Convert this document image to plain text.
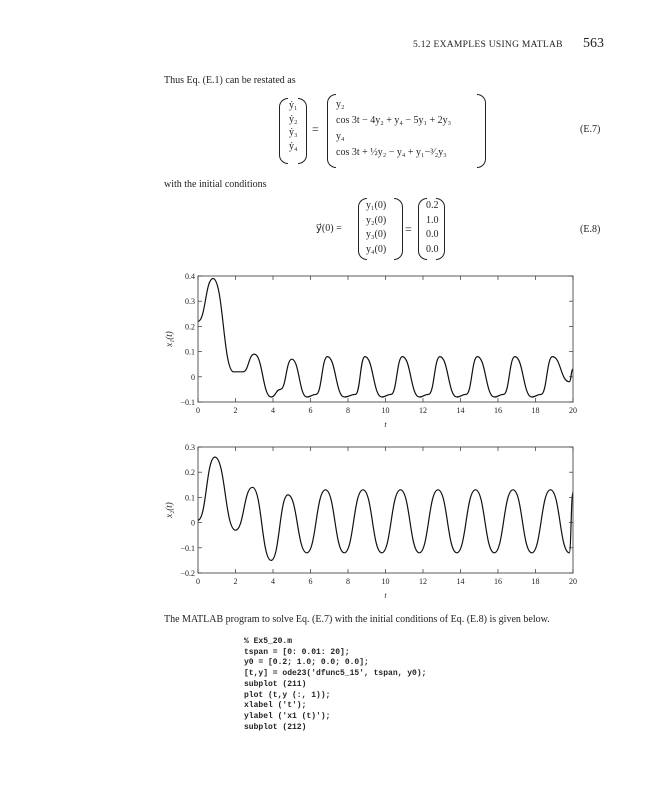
5.12 EXAMPLES USING MATLAB 563
Thus Eq. (E.1) can be restated as
ẏ₁
ẏ₂
ẏ₃
ẏ₄
=
y₂
cos 3t − 4y₂ + y₄ − 5y₁ + 2y₃
y₄
cos 3t + ½y₂ − y₄ + y₁−³⁄₂y₃
(E.7)
with the initial conditions
y⃗(0) =
y₁(0)
y₂(0)
y₃(0)
y₄(0)
=
0.2
1.0
0.0
0.0
(E.8)
0	2	4	6	8	10	12	14	16	18	20
−0.1
0
0.1
0.2
0.3
0.4
t
x₁(t)
0	2	4	6	8	10	12	14	16	18	20
−0.2
−0.1
0
0.1
0.2
0.3
t
x₂(t)
The MATLAB program to solve Eq. (E.7) with the initial conditions of Eq. (E.8) is given below.
% Ex5_20.m
tspan = [0: 0.01: 20];
y0 = [0.2; 1.0; 0.0; 0.0];
[t,y] = ode23('dfunc5_15', tspan, y0);
subplot (211)
plot (t,y (:, 1));
xlabel ('t');
ylabel ('x1 (t)');
subplot (212)
